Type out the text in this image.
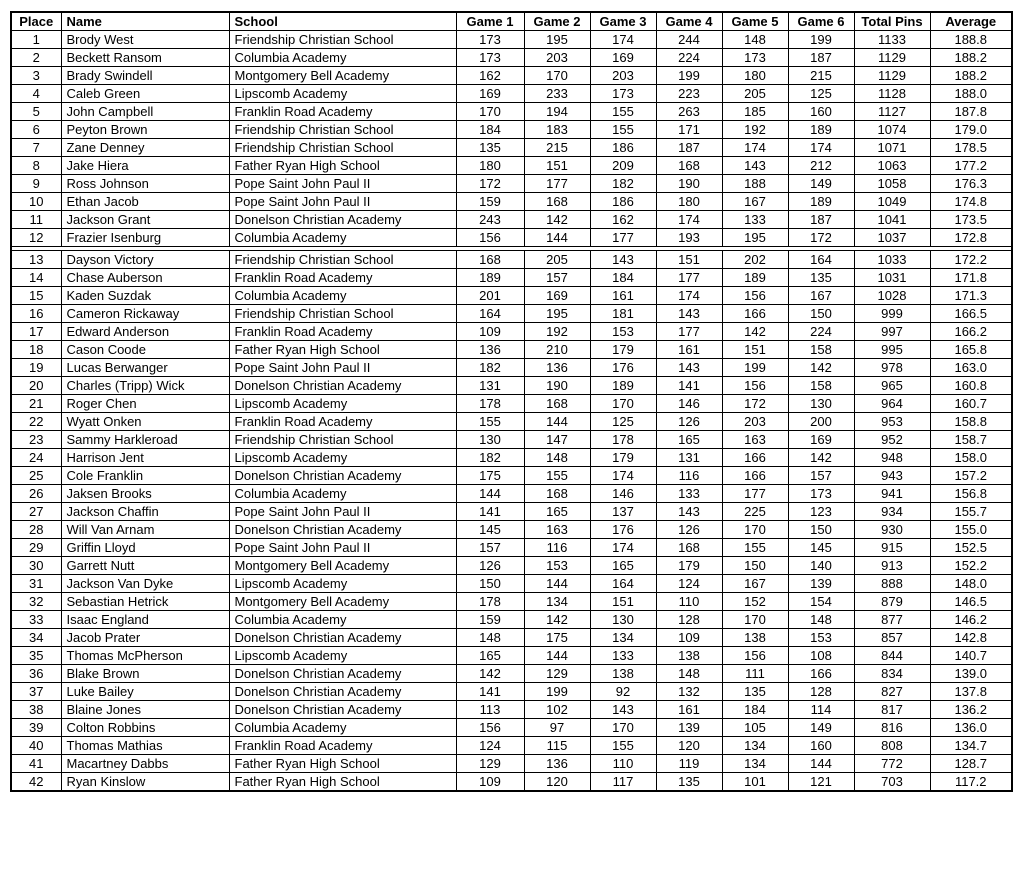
Place	Name	School	Game 1	Game 2	Game 3	Game 4	Game 5	Game 6	Total Pins	Average
1	Brody West	Friendship Christian School	173	195	174	244	148	199	1133	188.8
2	Beckett Ransom	Columbia Academy	173	203	169	224	173	187	1129	188.2
3	Brady Swindell	Montgomery Bell Academy	162	170	203	199	180	215	1129	188.2
4	Caleb Green	Lipscomb Academy	169	233	173	223	205	125	1128	188.0
5	John Campbell	Franklin Road Academy	170	194	155	263	185	160	1127	187.8
6	Peyton Brown	Friendship Christian School	184	183	155	171	192	189	1074	179.0
7	Zane Denney	Friendship Christian School	135	215	186	187	174	174	1071	178.5
8	Jake Hiera	Father Ryan High School	180	151	209	168	143	212	1063	177.2
9	Ross Johnson	Pope Saint John Paul II	172	177	182	190	188	149	1058	176.3
10	Ethan Jacob	Pope Saint John Paul II	159	168	186	180	167	189	1049	174.8
11	Jackson Grant	Donelson Christian Academy	243	142	162	174	133	187	1041	173.5
12	Frazier Isenburg	Columbia Academy	156	144	177	193	195	172	1037	172.8

13	Dayson Victory	Friendship Christian School	168	205	143	151	202	164	1033	172.2
14	Chase Auberson	Franklin Road Academy	189	157	184	177	189	135	1031	171.8
15	Kaden Suzdak	Columbia Academy	201	169	161	174	156	167	1028	171.3
16	Cameron Rickaway	Friendship Christian School	164	195	181	143	166	150	999	166.5
17	Edward Anderson	Franklin Road Academy	109	192	153	177	142	224	997	166.2
18	Cason Coode	Father Ryan High School	136	210	179	161	151	158	995	165.8
19	Lucas Berwanger	Pope Saint John Paul II	182	136	176	143	199	142	978	163.0
20	Charles (Tripp) Wick	Donelson Christian Academy	131	190	189	141	156	158	965	160.8
21	Roger Chen	Lipscomb Academy	178	168	170	146	172	130	964	160.7
22	Wyatt Onken	Franklin Road Academy	155	144	125	126	203	200	953	158.8
23	Sammy Harkleroad	Friendship Christian School	130	147	178	165	163	169	952	158.7
24	Harrison Jent	Lipscomb Academy	182	148	179	131	166	142	948	158.0
25	Cole Franklin	Donelson Christian Academy	175	155	174	116	166	157	943	157.2
26	Jaksen Brooks	Columbia Academy	144	168	146	133	177	173	941	156.8
27	Jackson Chaffin	Pope Saint John Paul II	141	165	137	143	225	123	934	155.7
28	Will Van Arnam	Donelson Christian Academy	145	163	176	126	170	150	930	155.0
29	Griffin Lloyd	Pope Saint John Paul II	157	116	174	168	155	145	915	152.5
30	Garrett Nutt	Montgomery Bell Academy	126	153	165	179	150	140	913	152.2
31	Jackson Van Dyke	Lipscomb Academy	150	144	164	124	167	139	888	148.0
32	Sebastian Hetrick	Montgomery Bell Academy	178	134	151	110	152	154	879	146.5
33	Isaac England	Columbia Academy	159	142	130	128	170	148	877	146.2
34	Jacob Prater	Donelson Christian Academy	148	175	134	109	138	153	857	142.8
35	Thomas McPherson	Lipscomb Academy	165	144	133	138	156	108	844	140.7
36	Blake Brown	Donelson Christian Academy	142	129	138	148	111	166	834	139.0
37	Luke Bailey	Donelson Christian Academy	141	199	92	132	135	128	827	137.8
38	Blaine Jones	Donelson Christian Academy	113	102	143	161	184	114	817	136.2
39	Colton Robbins	Columbia Academy	156	97	170	139	105	149	816	136.0
40	Thomas Mathias	Franklin Road Academy	124	115	155	120	134	160	808	134.7
41	Macartney Dabbs	Father Ryan High School	129	136	110	119	134	144	772	128.7
42	Ryan Kinslow	Father Ryan High School	109	120	117	135	101	121	703	117.2
